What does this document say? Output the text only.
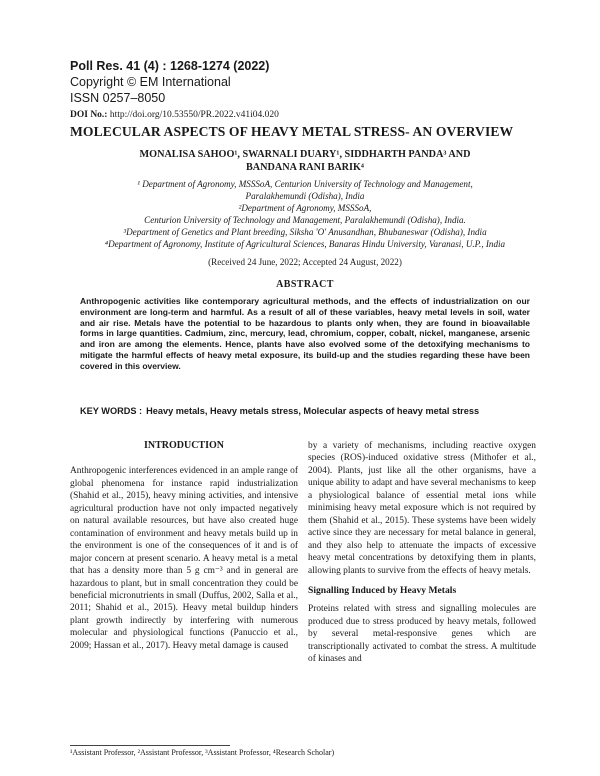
Poll Res. 41 (4) : 1268-1274 (2022)
Copyright © EM International
ISSN 0257–8050
DOI No.: http://doi.org/10.53550/PR.2022.v41i04.020
MOLECULAR ASPECTS OF HEAVY METAL STRESS- AN OVERVIEW
MONALISA SAHOO¹, SWARNALI DUARY¹, SIDDHARTH PANDA³ AND
BANDANA RANI BARIK⁴
¹ Department of Agronomy, MSSSoA, Centurion University of Technology and Management,
Paralakhemundi (Odisha), India
²Department of Agronomy, MSSSoA,
Centurion University of Technology and Management, Paralakhemundi (Odisha), India.
³Department of Genetics and Plant breeding, Siksha 'O' Anusandhan, Bhubaneswar (Odisha), India
⁴Department of Agronomy, Institute of Agricultural Sciences, Banaras Hindu University, Varanasi, U.P., India
(Received 24 June, 2022; Accepted 24 August, 2022)
ABSTRACT
Anthropogenic activities like contemporary agricultural methods, and the effects of industrialization on our environment are long-term and harmful. As a result of all of these variables, heavy metal levels in soil, water and air rise. Metals have the potential to be hazardous to plants only when, they are found in bioavailable forms in large quantities. Cadmium, zinc, mercury, lead, chromium, copper, cobalt, nickel, manganese, arsenic and iron are among the elements. Hence, plants have also evolved some of the detoxifying mechanisms to mitigate the harmful effects of heavy metal exposure, its build-up and the studies regarding these have been covered in this overview.
KEY WORDS : Heavy metals, Heavy metals stress, Molecular aspects of heavy metal stress

INTRODUCTION

Anthropogenic interferences evidenced in an ample range of global phenomena for instance rapid industrialization (Shahid et al., 2015), heavy mining activities, and intensive agricultural production have not only impacted negatively on natural available resources, but have also created huge contamination of environment and heavy metals build up in the environment is one of the consequences of it and is of major concern at present scenario. A heavy metal is a metal that has a density more than 5 g cm⁻³ and in general are hazardous to plant, but in small concentration they could be beneficial micronutrients in small (Duffus, 2002, Salla et al., 2011; Shahid et al., 2015). Heavy metal buildup hinders plant growth indirectly by interfering with numerous molecular and physiological functions (Panuccio et al., 2009; Hassan et al., 2017). Heavy metal damage is caused

by a variety of mechanisms, including reactive oxygen species (ROS)-induced oxidative stress (Mithofer et al., 2004). Plants, just like all the other organisms, have a unique ability to adapt and have several mechanisms to keep a physiological balance of essential metal ions while minimising heavy metal exposure which is not required by them (Shahid et al., 2015). These systems have been widely active since they are necessary for metal balance in general, and they also help to attenuate the impacts of excessive heavy metal concentrations by detoxifying them in plants, allowing plants to survive from the effects of heavy metals.

Signalling Induced by Heavy Metals

Proteins related with stress and signalling molecules are produced due to stress produced by heavy metals, followed by several metal-responsive genes which are transcriptionally activated to combat the stress. A multitude of kinases and

¹Assistant Professor, ²Assistant Professor, ³Assistant Professor, ⁴Research Scholar)
